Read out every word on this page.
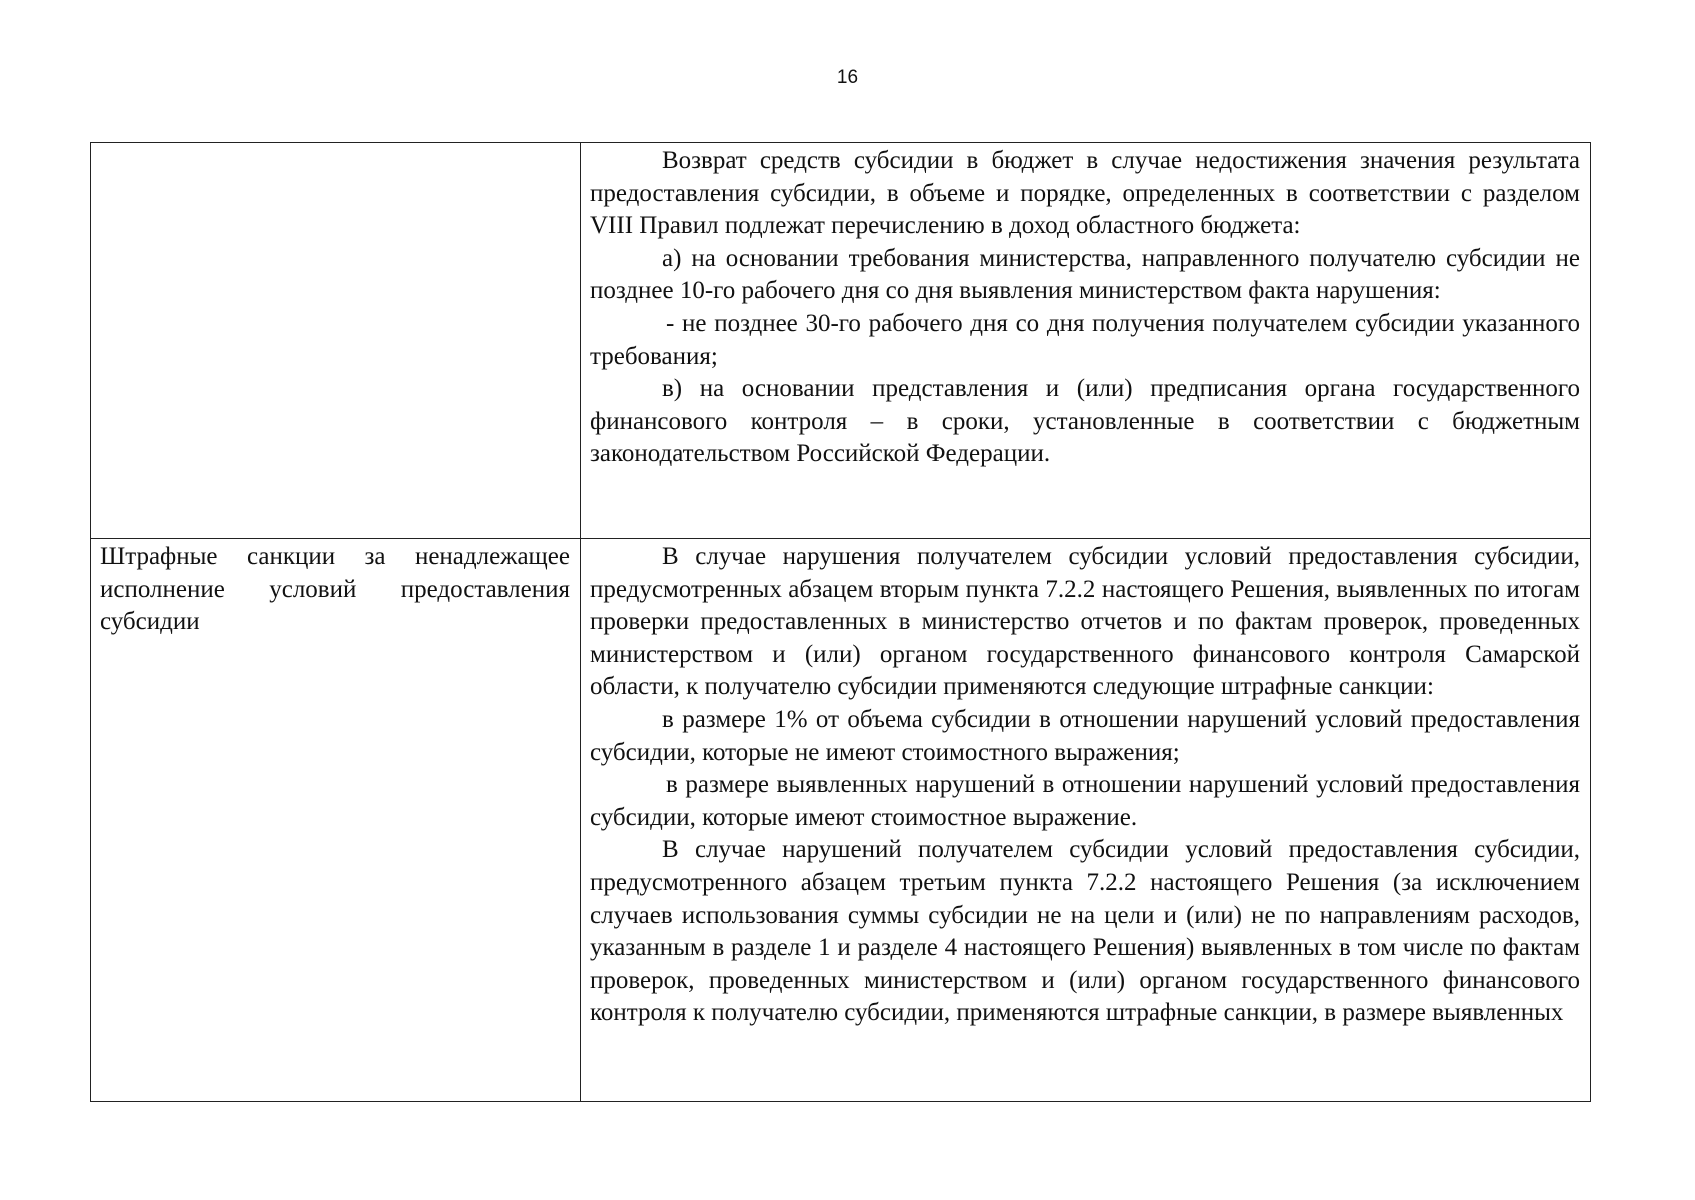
16

	Возврат средств субсидии в бюджет в случае недостижения значения результата предоставления субсидии, в объеме и порядке, определенных в соответствии с разделом VIII Правил подлежат перечислению в доход областного бюджета:

а) на основании требования министерства, направленного получателю субсидии не позднее 10-го рабочего дня со дня выявления министерством факта нарушения:

- не позднее 30-го рабочего дня со дня получения получателем субсидии указанного требования;

в) на основании представления и (или) предписания органа государственного финансового контроля – в сроки, установленные в соответствии с бюджетным законодательством Российской Федерации.

Штрафные санкции за ненадлежащее исполнение условий предоставления субсидии	В случае нарушения получателем субсидии условий предоставления субсидии, предусмотренных абзацем вторым пункта 7.2.2 настоящего Решения, выявленных по итогам проверки предоставленных в министерство отчетов и по фактам проверок, проведенных министерством и (или) органом государственного финансового контроля Самарской области, к получателю субсидии применяются следующие штрафные санкции:

в размере 1% от объема субсидии в отношении нарушений условий предоставления субсидии, которые не имеют стоимостного выражения;

в размере выявленных нарушений в отношении нарушений условий предоставления субсидии, которые имеют стоимостное выражение.

В случае нарушений получателем субсидии условий предоставления субсидии, предусмотренного абзацем третьим пункта 7.2.2 настоящего Решения (за исключением случаев использования суммы субсидии не на цели и (или) не по направлениям расходов, указанным в разделе 1 и разделе 4 настоящего Решения) выявленных в том числе по фактам проверок, проведенных министерством и (или) органом государственного финансового контроля к получателю субсидии, применяются штрафные санкции, в размере выявленных
